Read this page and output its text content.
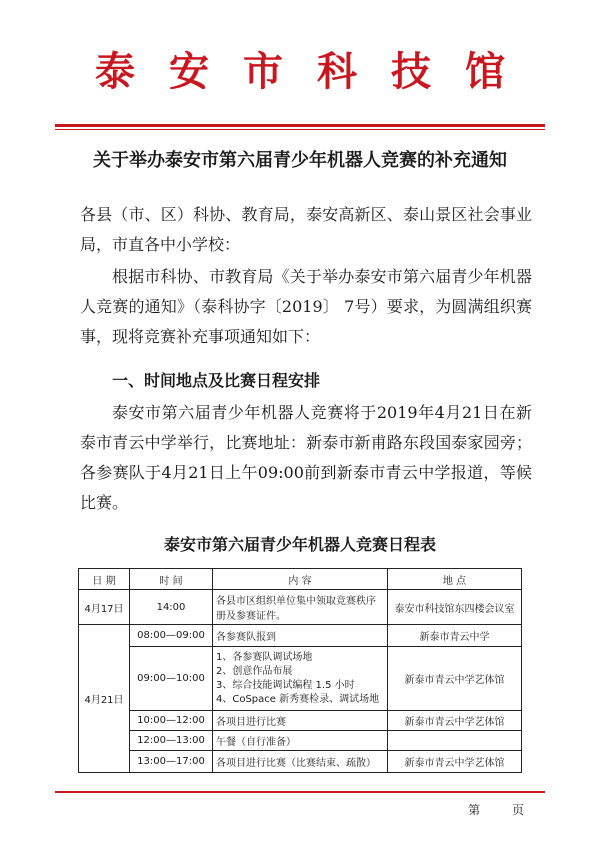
泰安市科技馆
关于举办泰安市第六届青少年机器人竞赛的补充通知
各县（市、区）科协、教育局，泰安高新区、泰山景区社会事业局，市直各中小学校：
根据市科协、市教育局《关于举办泰安市第六届青少年机器人竞赛的通知》（泰科协字〔2019〕 7号）要求，为圆满组织赛事，现将竞赛补充事项通知如下：
一、时间地点及比赛日程安排
泰安市第六届青少年机器人竞赛将于2019年4月21日在新泰市青云中学举行，比赛地址：新泰市新甫路东段国泰家园旁；各参赛队于4月21日上午09:00前到新泰市青云中学报道，等候比赛。
泰安市第六届青少年机器人竞赛日程表
日 期	时 间	内 容	地 点
4月17日	14:00	各县市区组织单位集中领取竞赛秩序册及参赛证件。	泰安市科技馆东四楼会议室
4月21日	08:00—09:00	各参赛队报到	新泰市青云中学
	09:00—10:00	1、各参赛队调试场地
2、创意作品布展
3、综合技能调试编程 1.5 小时
4、CoSpace 新秀赛检录、调试场地	新泰市青云中学艺体馆
	10:00—12:00	各项目进行比赛	新泰市青云中学艺体馆
	12:00—13:00	午餐（自行准备）	
	13:00—17:00	各项目进行比赛（比赛结束、疏散）	新泰市青云中学艺体馆
第 页
